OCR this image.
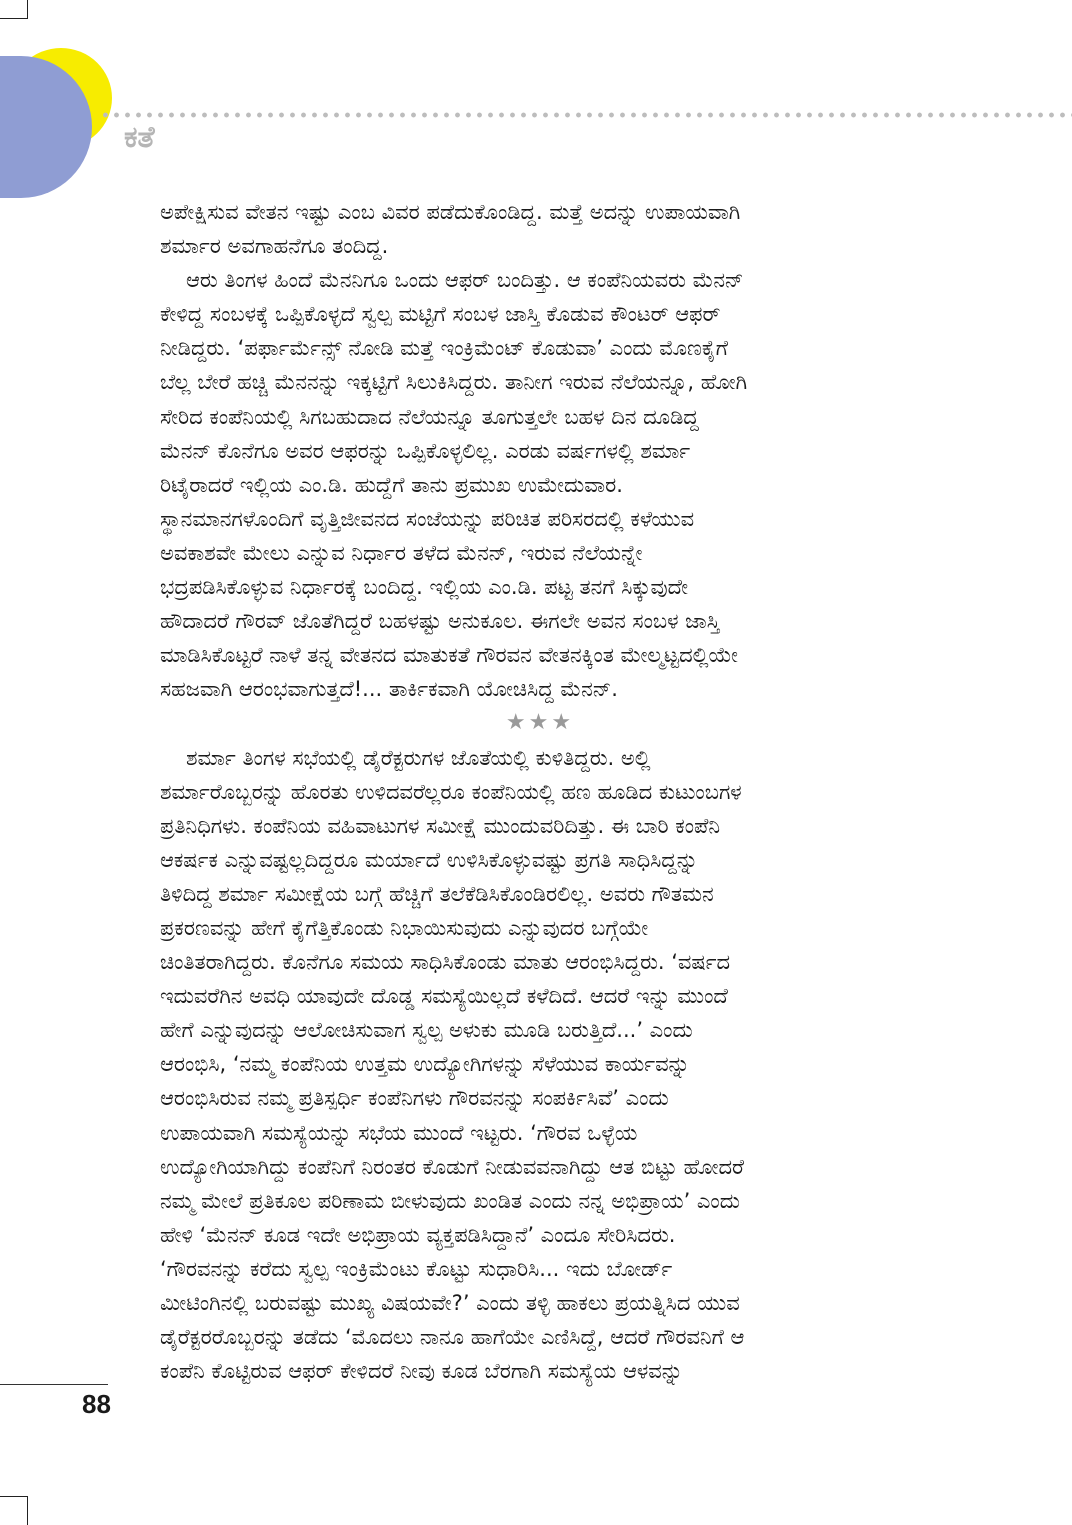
ಕತೆ
ಅಪೇಕ್ಷಿಸುವ ವೇತನ ಇಷ್ಟು ಎಂಬ ವಿವರ ಪಡೆದುಕೊಂಡಿದ್ದ. ಮತ್ತೆ ಅದನ್ನು ಉಪಾಯವಾಗಿ
ಶರ್ಮಾರ ಅವಗಾಹನೆಗೂ ತಂದಿದ್ದ.
ಆರು ತಿಂಗಳ ಹಿಂದೆ ಮೆನನಿಗೂ ಒಂದು ಆಫರ್ ಬಂದಿತ್ತು. ಆ ಕಂಪೆನಿಯವರು ಮೆನನ್
ಕೇಳಿದ್ದ ಸಂಬಳಕ್ಕೆ ಒಪ್ಪಿಕೊಳ್ಳದೆ ಸ್ವಲ್ಪ ಮಟ್ಟಿಗೆ ಸಂಬಳ ಜಾಸ್ತಿ ಕೊಡುವ ಕೌಂಟರ್ ಆಫರ್
ನೀಡಿದ್ದರು. ‘ಪರ್ಫಾರ್ಮೆನ್ಸ್ ನೋಡಿ ಮತ್ತೆ ಇಂಕ್ರಿಮೆಂಟ್ ಕೊಡುವಾ’ ಎಂದು ಮೊಣಕೈಗೆ
ಬೆಲ್ಲ ಬೇರೆ ಹಚ್ಚಿ ಮೆನನನ್ನು ಇಕ್ಕಟ್ಟಿಗೆ ಸಿಲುಕಿಸಿದ್ದರು. ತಾನೀಗ ಇರುವ ನೆಲೆಯನ್ನೂ, ಹೋಗಿ
ಸೇರಿದ ಕಂಪೆನಿಯಲ್ಲಿ ಸಿಗಬಹುದಾದ ನೆಲೆಯನ್ನೂ ತೂಗುತ್ತಲೇ ಬಹಳ ದಿನ ದೂಡಿದ್ದ
ಮೆನನ್ ಕೊನೆಗೂ ಅವರ ಆಫರನ್ನು ಒಪ್ಪಿಕೊಳ್ಳಲಿಲ್ಲ. ಎರಡು ವರ್ಷಗಳಲ್ಲಿ ಶರ್ಮಾ
ರಿಟೈರಾದರೆ ಇಲ್ಲಿಯ ಎಂ.ಡಿ. ಹುದ್ದೆಗೆ ತಾನು ಪ್ರಮುಖ ಉಮೇದುವಾರ.
ಸ್ಥಾನಮಾನಗಳೊಂದಿಗೆ ವೃತ್ತಿಜೀವನದ ಸಂಜೆಯನ್ನು ಪರಿಚಿತ ಪರಿಸರದಲ್ಲಿ ಕಳೆಯುವ
ಅವಕಾಶವೇ ಮೇಲು ಎನ್ನುವ ನಿರ್ಧಾರ ತಳೆದ ಮೆನನ್, ಇರುವ ನೆಲೆಯನ್ನೇ
ಭದ್ರಪಡಿಸಿಕೊಳ್ಳುವ ನಿರ್ಧಾರಕ್ಕೆ ಬಂದಿದ್ದ. ಇಲ್ಲಿಯ ಎಂ.ಡಿ. ಪಟ್ಟ ತನಗೆ ಸಿಕ್ಕುವುದೇ
ಹೌದಾದರೆ ಗೌರವ್ ಜೊತೆಗಿದ್ದರೆ ಬಹಳಷ್ಟು ಅನುಕೂಲ. ಈಗಲೇ ಅವನ ಸಂಬಳ ಜಾಸ್ತಿ
ಮಾಡಿಸಿಕೊಟ್ಟರೆ ನಾಳೆ ತನ್ನ ವೇತನದ ಮಾತುಕತೆ ಗೌರವನ ವೇತನಕ್ಕಿಂತ ಮೇಲ್ಮಟ್ಟದಲ್ಲಿಯೇ
ಸಹಜವಾಗಿ ಆರಂಭವಾಗುತ್ತದೆ!... ತಾರ್ಕಿಕವಾಗಿ ಯೋಚಿಸಿದ್ದ ಮೆನನ್.
★★★
ಶರ್ಮಾ ತಿಂಗಳ ಸಭೆಯಲ್ಲಿ ಡೈರೆಕ್ಟರುಗಳ ಜೊತೆಯಲ್ಲಿ ಕುಳಿತಿದ್ದರು. ಅಲ್ಲಿ
ಶರ್ಮಾರೊಬ್ಬರನ್ನು ಹೊರತು ಉಳಿದವರೆಲ್ಲರೂ ಕಂಪೆನಿಯಲ್ಲಿ ಹಣ ಹೂಡಿದ ಕುಟುಂಬಗಳ
ಪ್ರತಿನಿಧಿಗಳು. ಕಂಪೆನಿಯ ವಹಿವಾಟುಗಳ ಸಮೀಕ್ಷೆ ಮುಂದುವರಿದಿತ್ತು. ಈ ಬಾರಿ ಕಂಪೆನಿ
ಆಕರ್ಷಕ ಎನ್ನುವಷ್ಟಲ್ಲದಿದ್ದರೂ ಮರ್ಯಾದೆ ಉಳಿಸಿಕೊಳ್ಳುವಷ್ಟು ಪ್ರಗತಿ ಸಾಧಿಸಿದ್ದನ್ನು
ತಿಳಿದಿದ್ದ ಶರ್ಮಾ ಸಮೀಕ್ಷೆಯ ಬಗ್ಗೆ ಹೆಚ್ಚಿಗೆ ತಲೆಕೆಡಿಸಿಕೊಂಡಿರಲಿಲ್ಲ. ಅವರು ಗೌತಮನ
ಪ್ರಕರಣವನ್ನು ಹೇಗೆ ಕೈಗೆತ್ತಿಕೊಂಡು ನಿಭಾಯಿಸುವುದು ಎನ್ನುವುದರ ಬಗ್ಗೆಯೇ
ಚಿಂತಿತರಾಗಿದ್ದರು. ಕೊನೆಗೂ ಸಮಯ ಸಾಧಿಸಿಕೊಂಡು ಮಾತು ಆರಂಭಿಸಿದ್ದರು. ‘ವರ್ಷದ
ಇದುವರೆಗಿನ ಅವಧಿ ಯಾವುದೇ ದೊಡ್ಡ ಸಮಸ್ಯೆಯಿಲ್ಲದೆ ಕಳೆದಿದೆ. ಆದರೆ ಇನ್ನು ಮುಂದೆ
ಹೇಗೆ ಎನ್ನುವುದನ್ನು ಆಲೋಚಿಸುವಾಗ ಸ್ವಲ್ಪ ಅಳುಕು ಮೂಡಿ ಬರುತ್ತಿದೆ...’ ಎಂದು
ಆರಂಭಿಸಿ, ‘ನಮ್ಮ ಕಂಪೆನಿಯ ಉತ್ತಮ ಉದ್ಯೋಗಿಗಳನ್ನು ಸೆಳೆಯುವ ಕಾರ್ಯವನ್ನು
ಆರಂಭಿಸಿರುವ ನಮ್ಮ ಪ್ರತಿಸ್ಪರ್ಧಿ ಕಂಪೆನಿಗಳು ಗೌರವನನ್ನು ಸಂಪರ್ಕಿಸಿವೆ’ ಎಂದು
ಉಪಾಯವಾಗಿ ಸಮಸ್ಯೆಯನ್ನು ಸಭೆಯ ಮುಂದೆ ಇಟ್ಟರು. ‘ಗೌರವ ಒಳ್ಳೆಯ
ಉದ್ಯೋಗಿಯಾಗಿದ್ದು ಕಂಪೆನಿಗೆ ನಿರಂತರ ಕೊಡುಗೆ ನೀಡುವವನಾಗಿದ್ದು ಆತ ಬಿಟ್ಟು ಹೋದರೆ
ನಮ್ಮ ಮೇಲೆ ಪ್ರತಿಕೂಲ ಪರಿಣಾಮ ಬೀಳುವುದು ಖಂಡಿತ ಎಂದು ನನ್ನ ಅಭಿಪ್ರಾಯ’ ಎಂದು
ಹೇಳಿ ‘ಮೆನನ್ ಕೂಡ ಇದೇ ಅಭಿಪ್ರಾಯ ವ್ಯಕ್ತಪಡಿಸಿದ್ದಾನೆ’ ಎಂದೂ ಸೇರಿಸಿದರು.
‘ಗೌರವನನ್ನು ಕರೆದು ಸ್ವಲ್ಪ ಇಂಕ್ರಿಮೆಂಟು ಕೊಟ್ಟು ಸುಧಾರಿಸಿ... ಇದು ಬೋರ್ಡ್
ಮೀಟಿಂಗಿನಲ್ಲಿ ಬರುವಷ್ಟು ಮುಖ್ಯ ವಿಷಯವೇ?’ ಎಂದು ತಳ್ಳಿ ಹಾಕಲು ಪ್ರಯತ್ನಿಸಿದ ಯುವ
ಡೈರೆಕ್ಟರರೊಬ್ಬರನ್ನು ತಡೆದು ‘ಮೊದಲು ನಾನೂ ಹಾಗೆಯೇ ಎಣಿಸಿದ್ದೆ, ಆದರೆ ಗೌರವನಿಗೆ ಆ
ಕಂಪೆನಿ ಕೊಟ್ಟಿರುವ ಆಫರ್ ಕೇಳಿದರೆ ನೀವು ಕೂಡ ಬೆರಗಾಗಿ ಸಮಸ್ಯೆಯ ಆಳವನ್ನು
88
